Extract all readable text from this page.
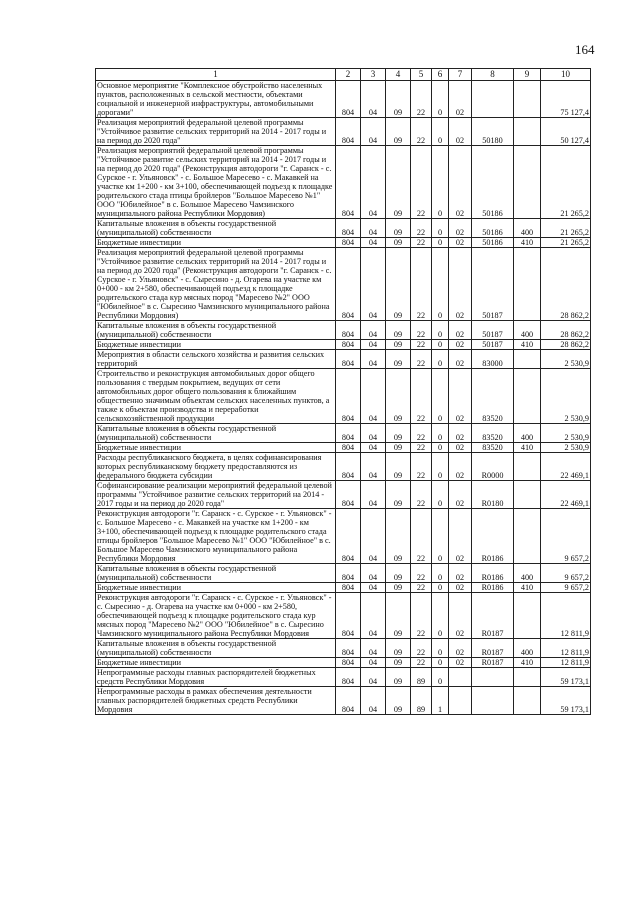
164
1	2	3	4	5	6	7	8	9	10
Основное мероприятие "Комплексное обустройство населенных пунктов, расположенных в сельской местности, объектами социальной и инженерной инфраструктуры, автомобильными дорогами"	804	04	09	22	0	02			75 127,4
Реализация мероприятий федеральной целевой программы "Устойчивое развитие сельских территорий на 2014 - 2017 годы и на период до 2020 года"	804	04	09	22	0	02	50180		50 127,4
Реализация мероприятий федеральной целевой программы "Устойчивое развитие сельских территорий на 2014 - 2017 годы и на период до 2020 года" (Реконструкция автодороги "г. Саранск - с. Сурское - г. Ульяновск" - с. Большое Маресево - с. Макавкей на участке км 1+200 - км 3+100, обеспечивающей подъезд к площадке родительского стада птицы бройлеров "Большое Маресево №1" ООО "Юбилейное" в с. Большое Маресево Чамзинского муниципального района Республики Мордовия)	804	04	09	22	0	02	50186		21 265,2
Капитальные вложения в объекты государственной (муниципальной) собственности	804	04	09	22	0	02	50186	400	21 265,2
Бюджетные инвестиции	804	04	09	22	0	02	50186	410	21 265,2
Реализация мероприятий федеральной целевой программы "Устойчивое развитие сельских территорий на 2014 - 2017 годы и на период до 2020 года" (Реконструкция автодороги "г. Саранск - с. Сурское - г. Ульяновск" - с. Сыресино - д. Огарева на участке км 0+000 - км 2+580, обеспечивающей подъезд к площадке родительского стада кур мясных пород "Маресево №2" ООО "Юбилейное" в с. Сыресино Чамзинского муниципального района Республики Мордовия)	804	04	09	22	0	02	50187		28 862,2
Капитальные вложения в объекты государственной (муниципальной) собственности	804	04	09	22	0	02	50187	400	28 862,2
Бюджетные инвестиции	804	04	09	22	0	02	50187	410	28 862,2
Мероприятия в области сельского хозяйства и развития сельских территорий	804	04	09	22	0	02	83000		2 530,9
Строительство и реконструкция автомобильных дорог общего пользования с твердым покрытием, ведущих от сети автомобильных дорог общего пользования к ближайшим общественно значимым объектам сельских населенных пунктов, а также к объектам производства и переработки сельскохозяйственной продукции	804	04	09	22	0	02	83520		2 530,9
Капитальные вложения в объекты государственной (муниципальной) собственности	804	04	09	22	0	02	83520	400	2 530,9
Бюджетные инвестиции	804	04	09	22	0	02	83520	410	2 530,9
Расходы республиканского бюджета, в целях софинансирования которых республиканскому бюджету предоставляются из федерального бюджета субсидии	804	04	09	22	0	02	R0000		22 469,1
Софинансирование реализации мероприятий федеральной целевой программы "Устойчивое развитие сельских территорий на 2014 - 2017 годы и на период до 2020 года"	804	04	09	22	0	02	R0180		22 469,1
Реконструкция автодороги "г. Саранск - с. Сурское - г. Ульяновск" - с. Большое Маресево - с. Макавкей на участке км 1+200 - км 3+100, обеспечивающей подъезд к площадке родительского стада птицы бройлеров "Большое Маресево №1" ООО "Юбилейное" в с. Большое Маресево Чамзинского муниципального района Республики Мордовия	804	04	09	22	0	02	R0186		9 657,2
Капитальные вложения в объекты государственной (муниципальной) собственности	804	04	09	22	0	02	R0186	400	9 657,2
Бюджетные инвестиции	804	04	09	22	0	02	R0186	410	9 657,2
Реконструкция автодороги "г. Саранск - с. Сурское - г. Ульяновск" - с. Сыресино - д. Огарева на участке км 0+000 - км 2+580, обеспечивающей подъезд к площадке родительского стада кур мясных пород "Маресево №2" ООО "Юбилейное" в с. Сыресино Чамзинского муниципального района Республики Мордовия	804	04	09	22	0	02	R0187		12 811,9
Капитальные вложения в объекты государственной (муниципальной) собственности	804	04	09	22	0	02	R0187	400	12 811,9
Бюджетные инвестиции	804	04	09	22	0	02	R0187	410	12 811,9
Непрограммные расходы главных распорядителей бюджетных средств Республики Мордовия	804	04	09	89	0				59 173,1
Непрограммные расходы в рамках обеспечения деятельности главных распорядителей бюджетных средств Республики Мордовия	804	04	09	89	1				59 173,1
